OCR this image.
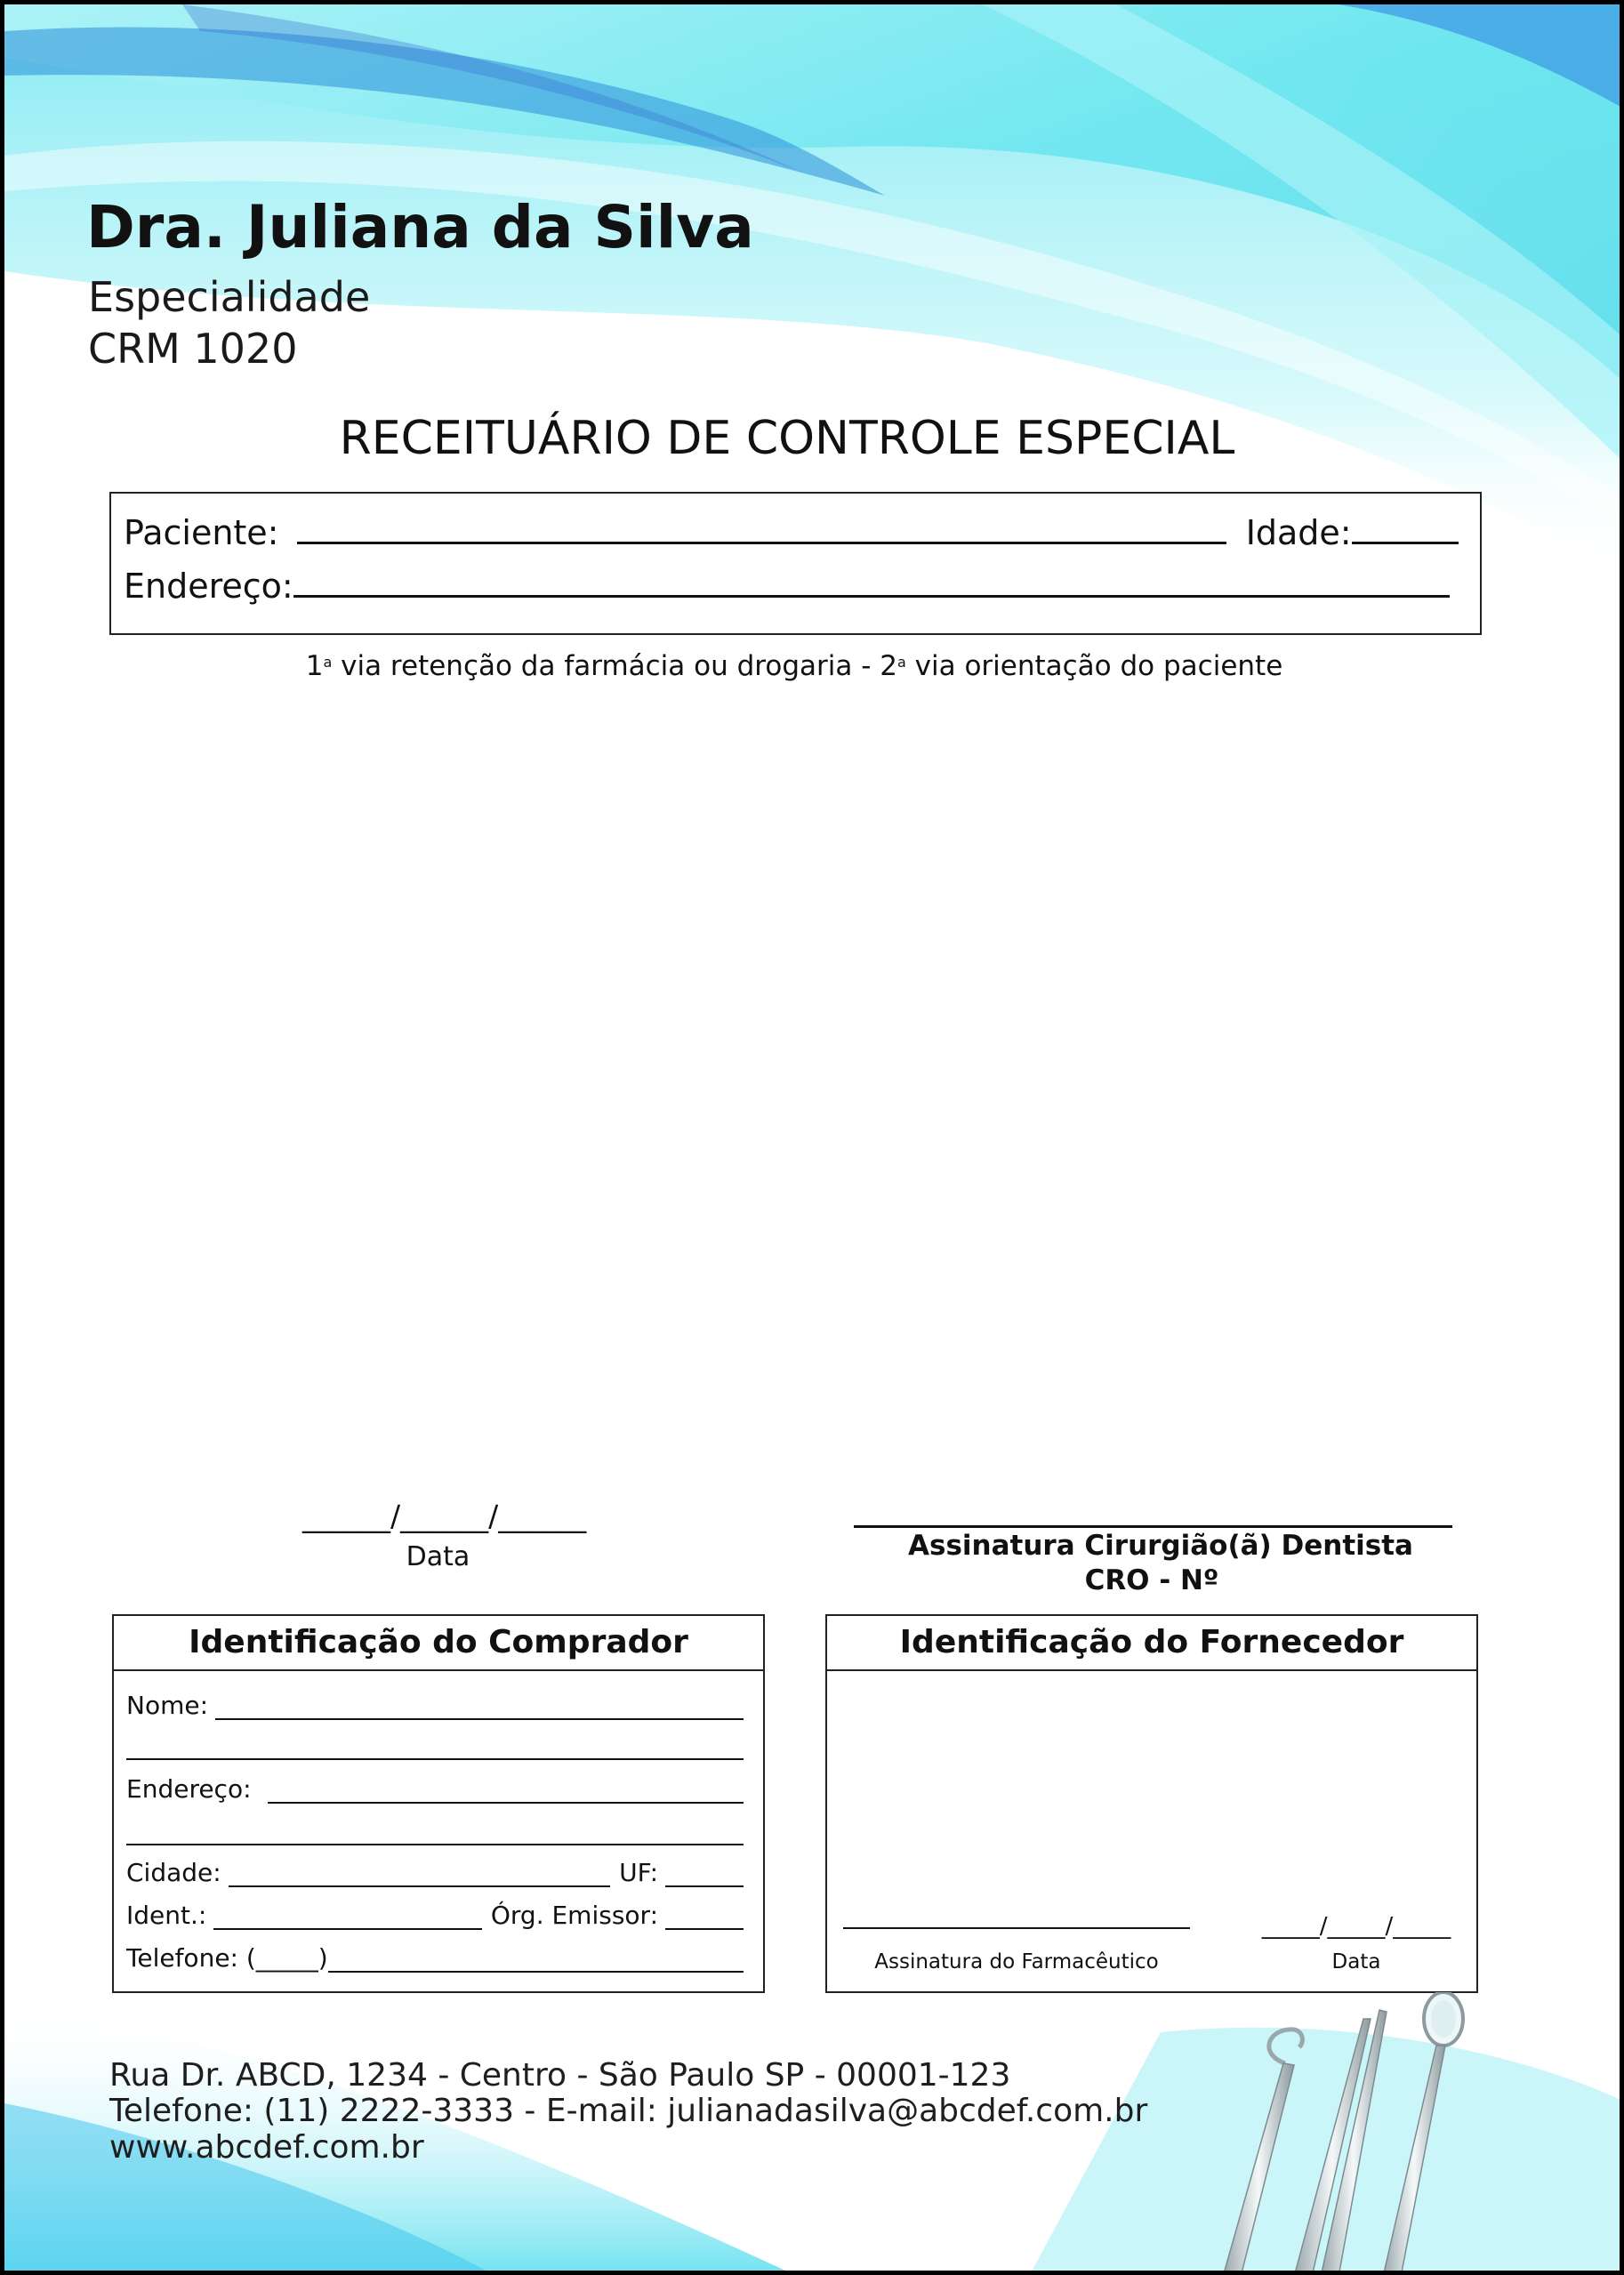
Dra. Juliana da Silva
Especialidade
CRM 1020
RECEITUÁRIO DE CONTROLE ESPECIAL
Paciente:	Idade:
Endereço:
1$^a$ via retenção da farmácia ou drogaria - 2$^a$ via orientação do paciente
______/______/______
Data	Assinatura Cirurgião(ã) Dentista
CRO - Nº
Identificação do Comprador
Nome:
Endereço:
Cidade:	UF:
Ident.:	Órg. Emissor:
Telefone: (_____)
Identificação do Fornecedor
Assinatura do Farmacêutico
_____/_____/_____
Data
Rua Dr. ABCD, 1234 - Centro - São Paulo SP - 00001-123
Telefone: (11) 2222-3333 - E-mail: julianadasilva@abcdef.com.br
www.abcdef.com.br
